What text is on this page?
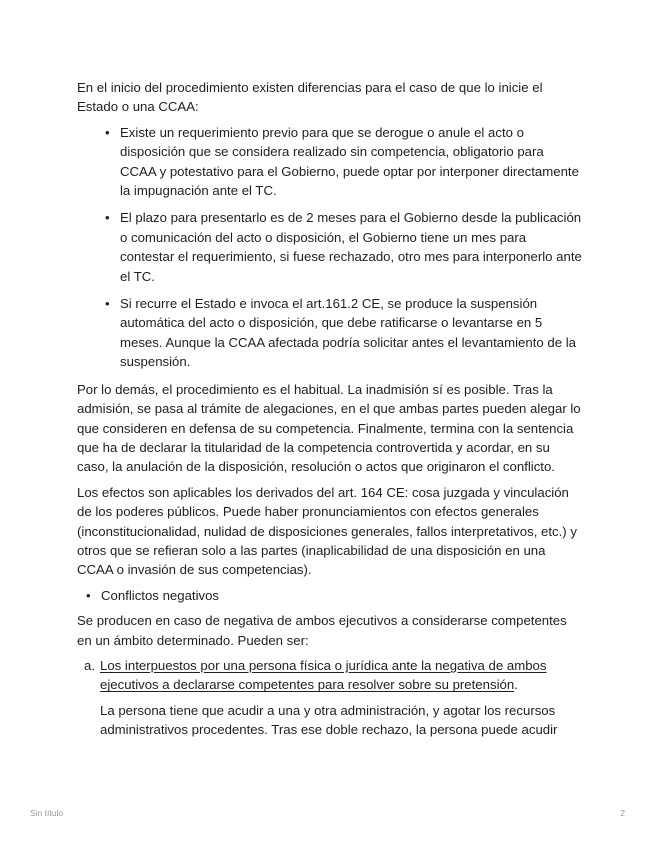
En el inicio del procedimiento existen diferencias para el caso de que lo inicie el Estado o una CCAA:

• Existe un requerimiento previo para que se derogue o anule el acto o disposición que se considera realizado sin competencia, obligatorio para CCAA y potestativo para el Gobierno, puede optar por interponer directamente la impugnación ante el TC.
• El plazo para presentarlo es de 2 meses para el Gobierno desde la publicación o comunicación del acto o disposición, el Gobierno tiene un mes para contestar el requerimiento, si fuese rechazado, otro mes para interponerlo ante el TC.
• Si recurre el Estado e invoca el art.161.2 CE, se produce la suspensión automática del acto o disposición, que debe ratificarse o levantarse en 5 meses. Aunque la CCAA afectada podría solicitar antes el levantamiento de la suspensión.

Por lo demás, el procedimiento es el habitual. La inadmisión sí es posible. Tras la admisión, se pasa al trámite de alegaciones, en el que ambas partes pueden alegar lo que consideren en defensa de su competencia. Finalmente, termina con la sentencia que ha de declarar la titularidad de la competencia controvertida y acordar, en su caso, la anulación de la disposición, resolución o actos que originaron el conflicto.

Los efectos son aplicables los derivados del art. 164 CE: cosa juzgada y vinculación de los poderes públicos. Puede haber pronunciamientos con efectos generales (inconstitucionalidad, nulidad de disposiciones generales, fallos interpretativos, etc.) y otros que se refieran solo a las partes (inaplicabilidad de una disposición en una CCAA o invasión de sus competencias).

• Conflictos negativos

Se producen en caso de negativa de ambos ejecutivos a considerarse competentes en un ámbito determinado. Pueden ser:

a. Los interpuestos por una persona física o jurídica ante la negativa de ambos ejecutivos a declararse competentes para resolver sobre su pretensión.

La persona tiene que acudir a una y otra administración, y agotar los recursos administrativos procedentes. Tras ese doble rechazo, la persona puede acudir

Sin título	2
